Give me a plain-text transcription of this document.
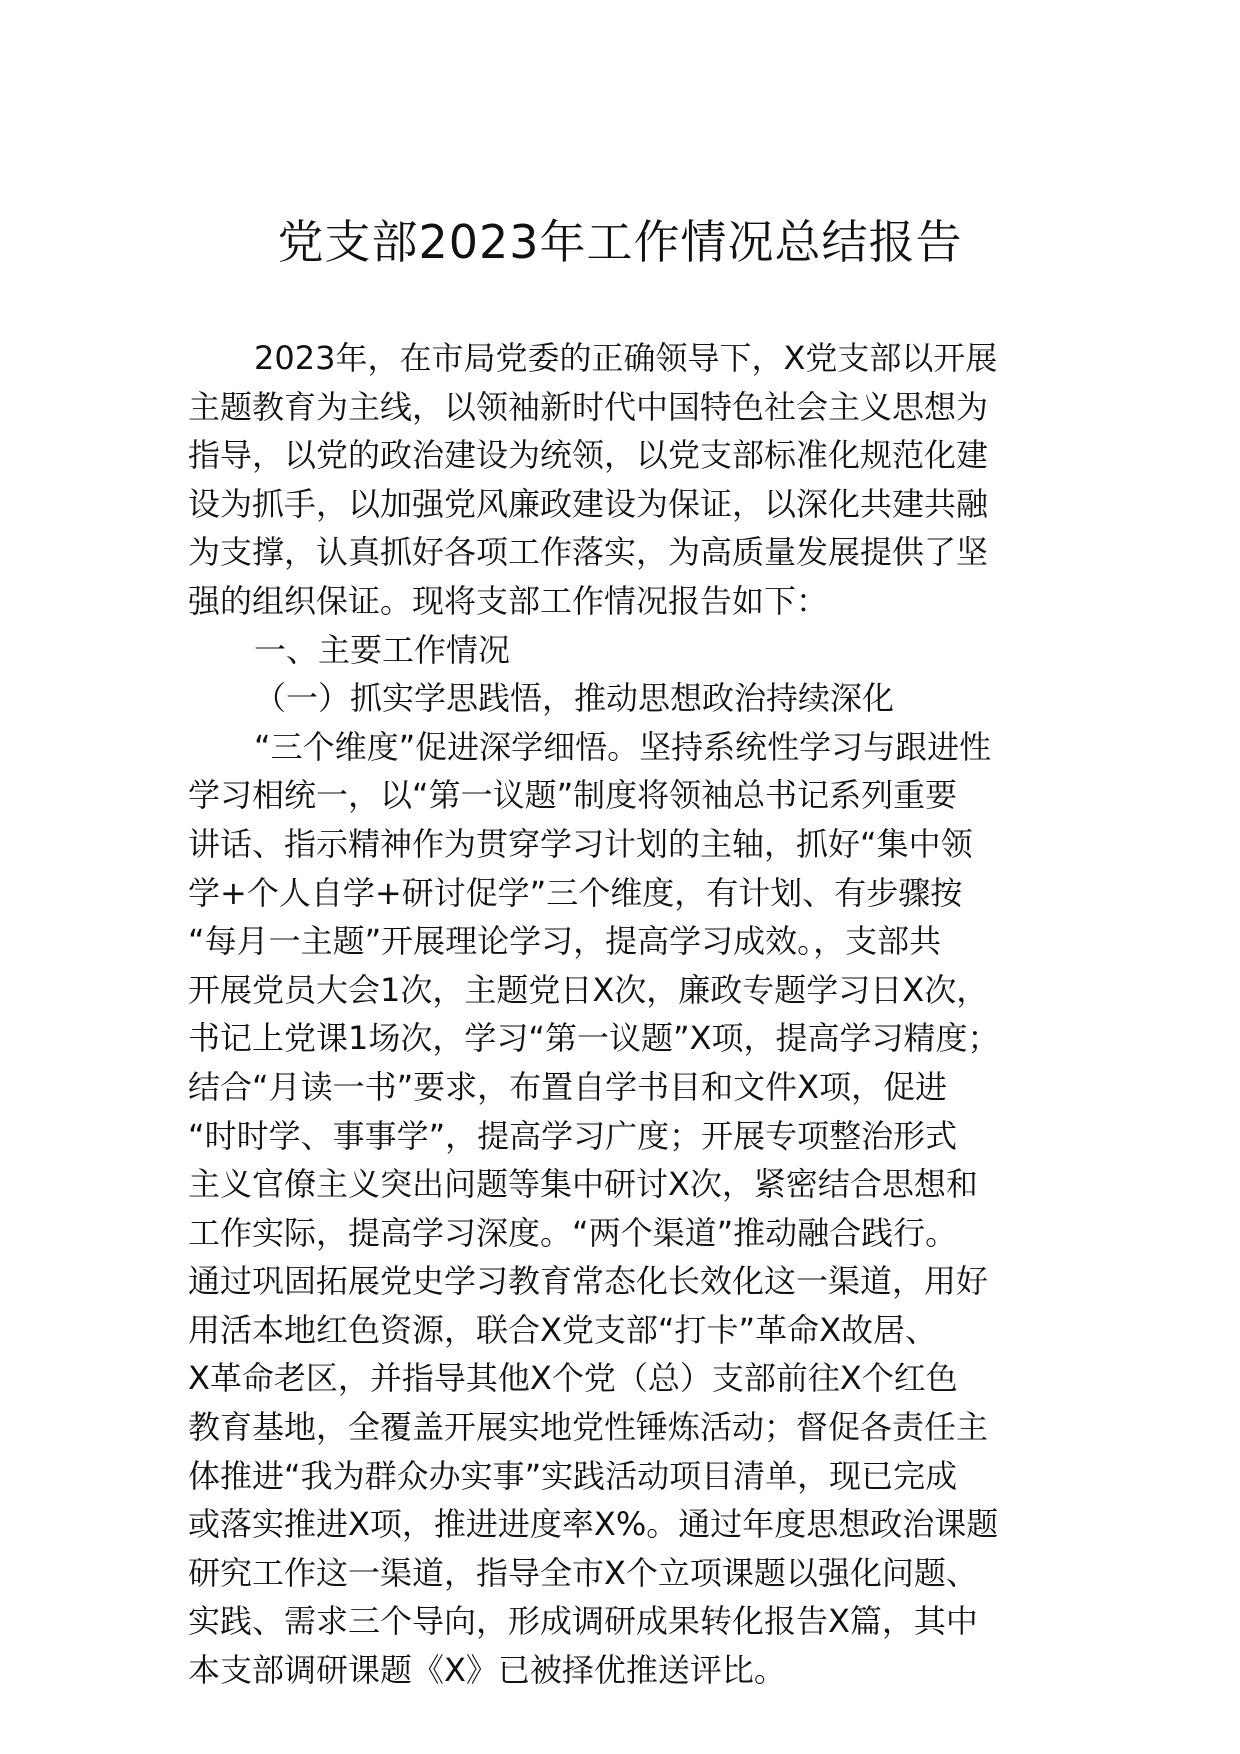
党支部2023年工作情况总结报告
2023年，在市局党委的正确领导下，X党支部以开展
主题教育为主线，以领袖新时代中国特色社会主义思想为
指导，以党的政治建设为统领，以党支部标准化规范化建
设为抓手，以加强党风廉政建设为保证，以深化共建共融
为支撑，认真抓好各项工作落实，为高质量发展提供了坚
强的组织保证。现将支部工作情况报告如下：
一、主要工作情况
（一）抓实学思践悟，推动思想政治持续深化
“三个维度”促进深学细悟。坚持系统性学习与跟进性
学习相统一，以“第一议题”制度将领袖总书记系列重要
讲话、指示精神作为贯穿学习计划的主轴，抓好“集中领
学+个人自学+研讨促学”三个维度，有计划、有步骤按
“每月一主题”开展理论学习，提高学习成效。，支部共
开展党员大会1次，主题党日X次，廉政专题学习日X次，
书记上党课1场次，学习“第一议题”X项，提高学习精度；
结合“月读一书”要求，布置自学书目和文件X项，促进
“时时学、事事学”，提高学习广度；开展专项整治形式
主义官僚主义突出问题等集中研讨X次，紧密结合思想和
工作实际，提高学习深度。“两个渠道”推动融合践行。
通过巩固拓展党史学习教育常态化长效化这一渠道，用好
用活本地红色资源，联合X党支部“打卡”革命X故居、
X革命老区，并指导其他X个党（总）支部前往X个红色
教育基地，全覆盖开展实地党性锤炼活动；督促各责任主
体推进“我为群众办实事”实践活动项目清单，现已完成
或落实推进X项，推进进度率X%。通过年度思想政治课题
研究工作这一渠道，指导全市X个立项课题以强化问题、
实践、需求三个导向，形成调研成果转化报告X篇，其中
本支部调研课题《X》已被择优推送评比。
